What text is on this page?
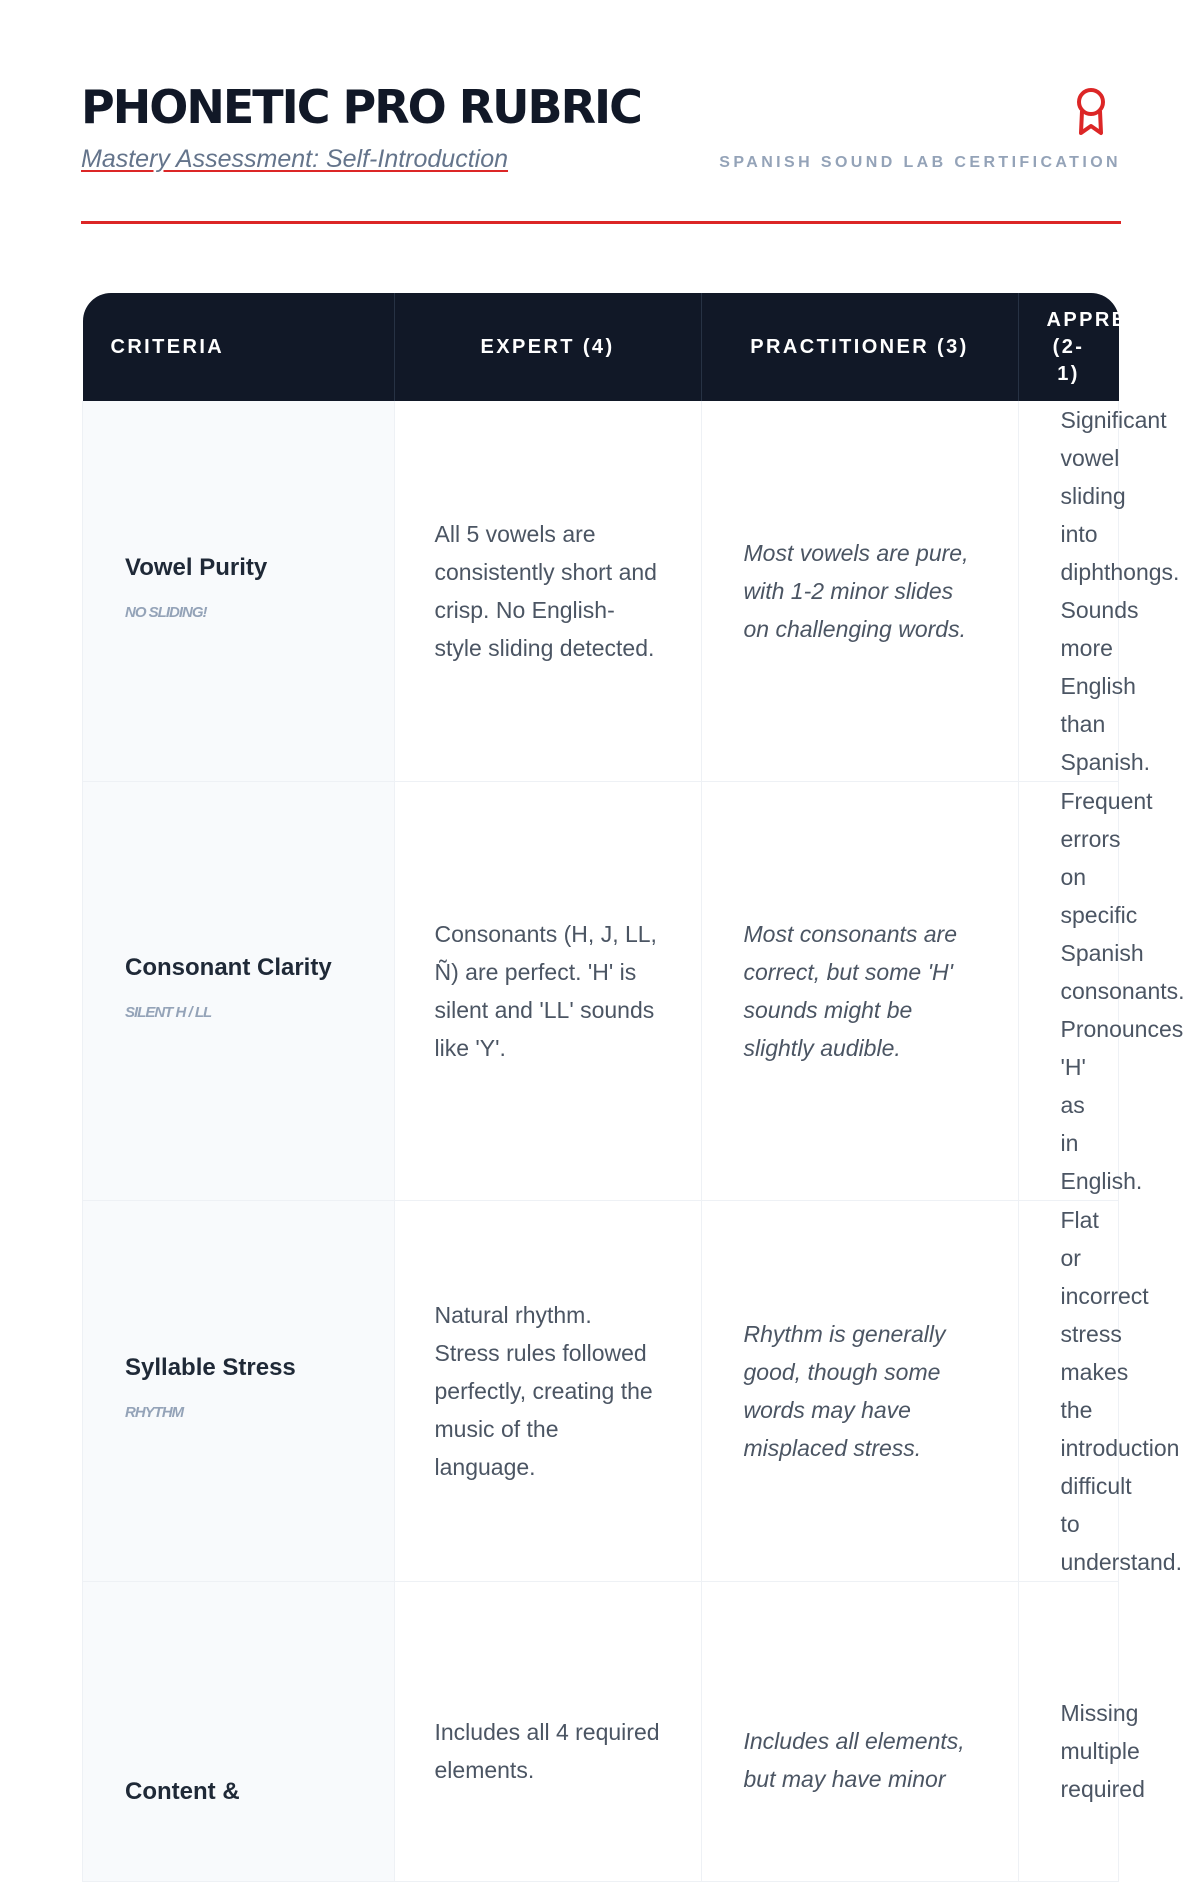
PHONETIC PRO RUBRIC
Mastery Assessment: Self-Introduction	SPANISH SOUND LAB CERTIFICATION
CRITERIA	EXPERT (4)	PRACTITIONER (3)	APPRENTICE (2-1)

Vowel Purity
NO SLIDING!	All 5 vowels are consistently short and crisp. No English-style sliding detected.	Most vowels are pure, with 1-2 minor slides on challenging words.	Significant vowel sliding into diphthongs. Sounds more English than Spanish.

Consonant Clarity
SILENT H / LL	Consonants (H, J, LL, Ñ) are perfect. 'H' is silent and 'LL' sounds like 'Y'.	Most consonants are correct, but some 'H' sounds might be slightly audible.	Frequent errors on specific Spanish consonants. Pronounces 'H' as in English.

Syllable Stress
RHYTHM	Natural rhythm. Stress rules followed perfectly, creating the music of the language.	Rhythm is generally good, though some words may have misplaced stress.	Flat or incorrect stress makes the introduction difficult to understand.

Content &	Includes all 4 required elements.	Includes all elements, but may have minor	Missing multiple required
